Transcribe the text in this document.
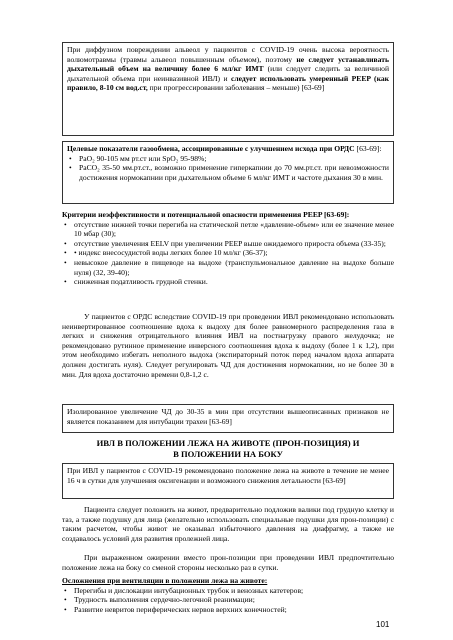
При диффузном повреждении альвеол у пациентов с COVID-19 очень высока вероятность волюмотравмы (травмы альвеол повышенным объемом), поэтому не следует устанавливать дыхательный объем на величину более 6 мл/кг ИМТ (или следует следить за величиной дыхательной объема при неинвазивной ИВЛ) и следует использовать умеренный PEEP (как правило, 8-10 см вод.ст, при прогрессировании заболевания – меньше) [63-69]
Целевые показатели газообмена, ассоциированные с улучшением исхода при ОРДС [63-69]:
• PaO₂ 90-105 мм рт.ст или SpO₂ 95-98%;
• PaCO₂ 35-50 мм.рт.ст., возможно применение гиперкапнии до 70 мм.рт.ст. при невозможности достижения нормокапнии при дыхательном объеме 6 мл/кг ИМТ и частоте дыхания 30 в мин.
Критерии неэффективности и потенциальной опасности применения PEEP [63-69]:
• отсутствие нижней точки перегиба на статической петле «давление-объем» или ее значение менее 10 мбар (30);
• отсутствие увеличения EELV при увеличении PEEP выше ожидаемого прироста объема (33-35);
• • индекс внесосудистой воды легких более 10 мл/кг (36-37);
• невысокое давление в пищеводе на выдохе (транспульмональное давление на выдохе больше нуля) (32, 39-40);
• сниженная податливость грудной стенки.
У пациентов с ОРДС вследствие COVID-19 при проведении ИВЛ рекомендовано использовать неинвертированное соотношение вдоха к выдоху для более равномерного распределения газа в легких и снижения отрицательного влияния ИВЛ на постнагрузку правого желудочка; не рекомендовано рутинное применение инверсного соотношения вдоха к выдоху (более 1 к 1,2), при этом необходимо избегать неполного выдоха (экспираторный поток перед началом вдоха аппарата должен достигать нуля). Следует регулировать ЧД для достижения нормокапнии, но не более 30 в мин. Для вдоха достаточно времени 0,8-1,2 с.
Изолированное увеличение ЧД до 30-35 в мин при отсутствии вышеописанных признаков не является показанием для интубации трахеи [63-69]
ИВЛ В ПОЛОЖЕНИИ ЛЕЖА НА ЖИВОТЕ (ПРОН-ПОЗИЦИЯ) И
В ПОЛОЖЕНИИ НА БОКУ
При ИВЛ у пациентов с COVID-19 рекомендовано положение лежа на животе в течение не менее 16 ч в сутки для улучшения оксигенации и возможного снижения летальности [63-69]
Пациента следует положить на живот, предварительно подложив валики под грудную клетку и таз, а также подушку для лица (желательно использовать специальные подушки для прон-позиции) с таким расчетом, чтобы живот не оказывал избыточного давления на диафрагму, а также не создавалось условий для развития пролежней лица.
При выраженном ожирении вместо прон-позиции при проведении ИВЛ предпочтительно положение лежа на боку со сменой стороны несколько раз в сутки.
Осложнения при вентиляции в положении лежа на животе:
• Перегибы и дислокации интубационных трубок и венозных катетеров;
• Трудность выполнения сердечно-легочной реанимации;
• Развитие невритов периферических нервов верхних конечностей;
101
